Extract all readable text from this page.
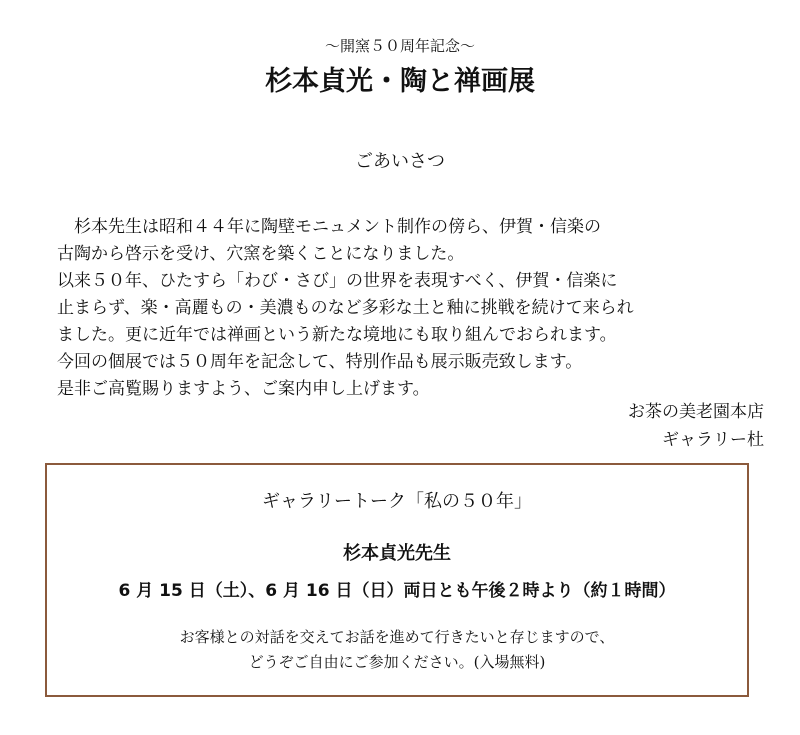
〜開窯５０周年記念〜
杉本貞光・陶と禅画展
ごあいさつ
　杉本先生は昭和４４年に陶壁モニュメント制作の傍ら、伊賀・信楽の
古陶から啓示を受け、穴窯を築くことになりました。
以来５０年、ひたすら「わび・さび」の世界を表現すべく、伊賀・信楽に
止まらず、楽・高麗もの・美濃ものなど多彩な土と釉に挑戦を続けて来られ
ました。更に近年では禅画という新たな境地にも取り組んでおられます。
今回の個展では５０周年を記念して、特別作品も展示販売致します。
是非ご高覧賜りますよう、ご案内申し上げます。
お茶の美老園本店
ギャラリー杜
ギャラリートーク「私の５０年」
杉本貞光先生
6 月 15 日（土）、6 月 16 日（日）両日とも午後２時より（約１時間）
お客様との対話を交えてお話を進めて行きたいと存じますので、
どうぞご自由にご参加ください。(入場無料)
